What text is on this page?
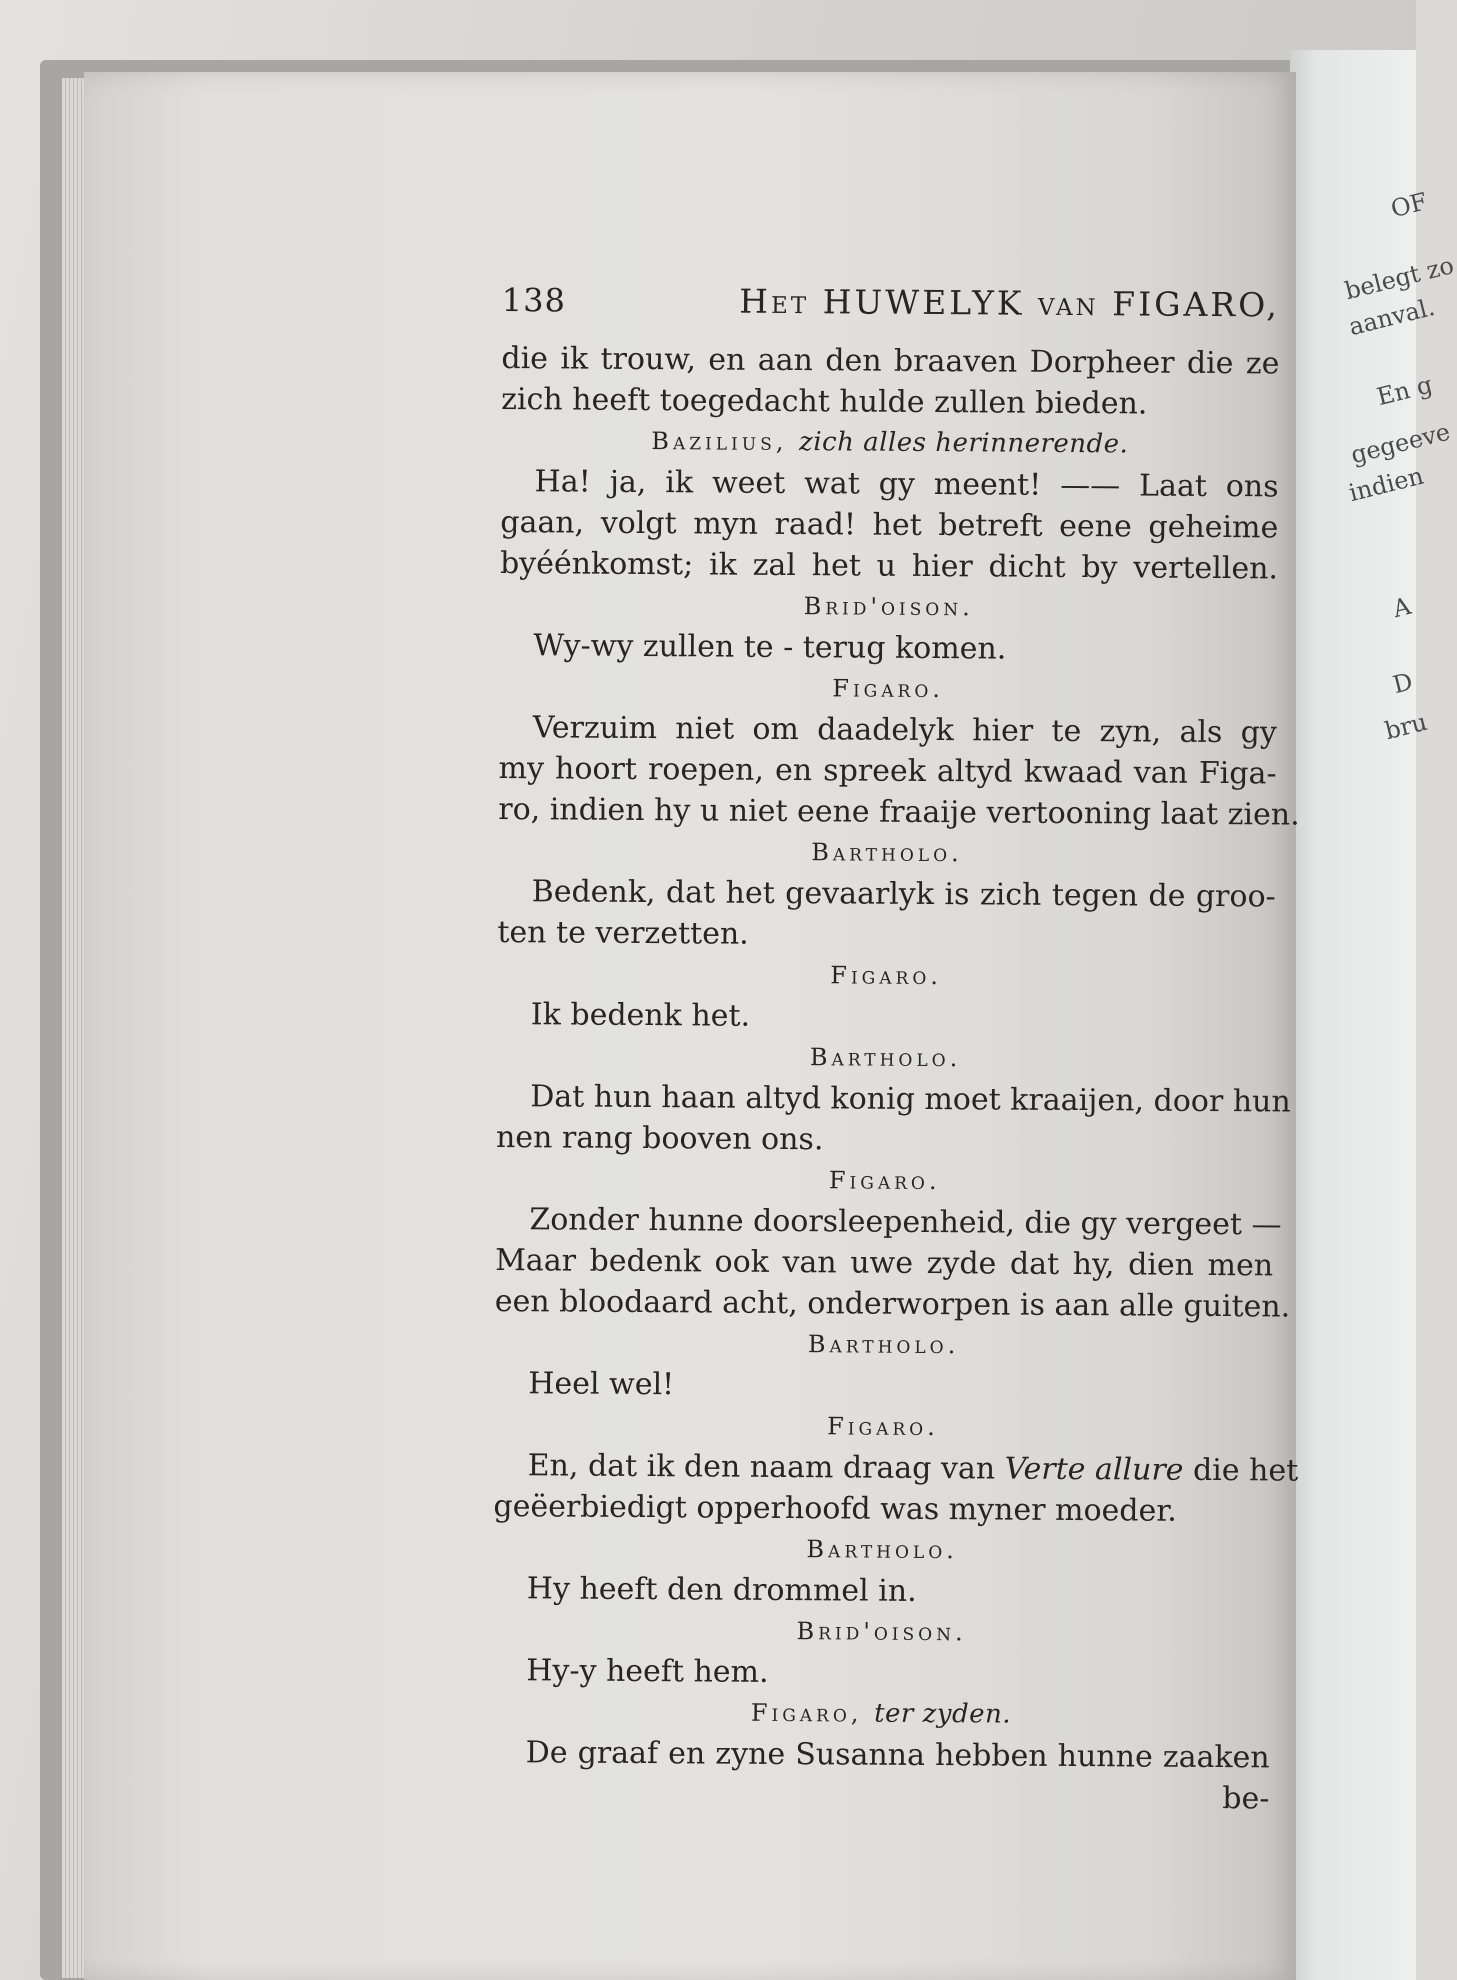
OF
belegt zo
aanval.
En g
gegeeve
indien
A
D
bru
138	Het HUWELYK van FIGARO,
die ik trouw, en aan den braaven Dorpheer die ze
zich heeft toegedacht hulde zullen bieden.
Bazilius, zich alles herinnerende.
Ha! ja, ik weet wat gy meent! —— Laat ons
gaan, volgt myn raad! het betreft eene geheime
byéénkomst; ik zal het u hier dicht by vertellen.
Brid'oison.
Wy-wy zullen te - terug komen.
Figaro.
Verzuim niet om daadelyk hier te zyn, als gy
my hoort roepen, en spreek altyd kwaad van Figa-
ro, indien hy u niet eene fraaije vertooning laat zien.
Bartholo.
Bedenk, dat het gevaarlyk is zich tegen de groo-
ten te verzetten.
Figaro.
Ik bedenk het.
Bartholo.
Dat hun haan altyd konig moet kraaijen, door hun
nen rang booven ons.
Figaro.
Zonder hunne doorsleepenheid, die gy vergeet —
Maar bedenk ook van uwe zyde dat hy, dien men
een bloodaard acht, onderworpen is aan alle guiten.
Bartholo.
Heel wel!
Figaro.
En, dat ik den naam draag van Verte allure die het
geëerbiedigt opperhoofd was myner moeder.
Bartholo.
Hy heeft den drommel in.
Brid'oison.
Hy-y heeft hem.
Figaro, ter zyden.
De graaf en zyne Susanna hebben hunne zaaken
be-
